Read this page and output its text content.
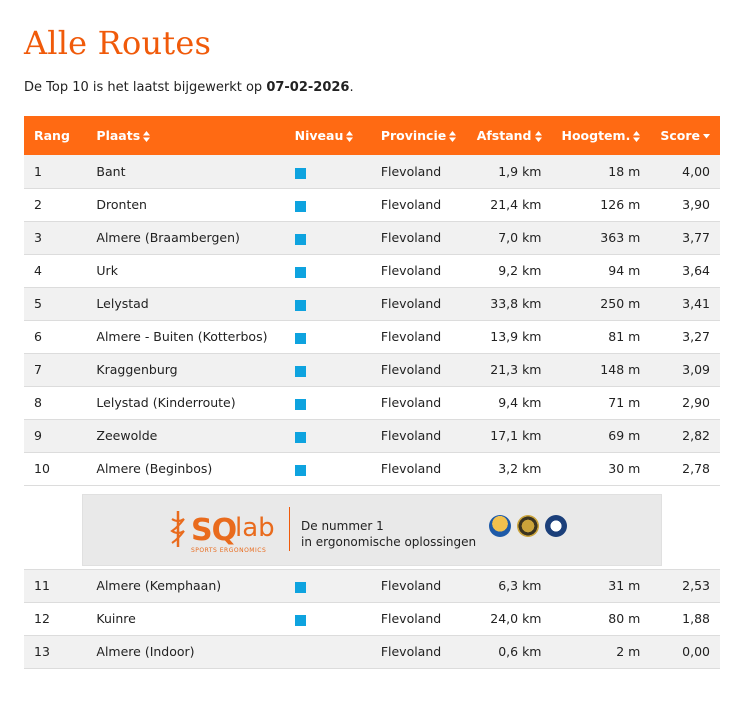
Alle Routes

De Top 10 is het laatst bijgewerkt op 07-02-2026.

Rang	Plaats	Niveau	Provincie	Afstand	Hoogtem.	Score

1	Bant		Flevoland	1,9 km	18 m	4,00
2	Dronten		Flevoland	21,4 km	126 m	3,90
3	Almere (Braambergen)		Flevoland	7,0 km	363 m	3,77
4	Urk		Flevoland	9,2 km	94 m	3,64
5	Lelystad		Flevoland	33,8 km	250 m	3,41
6	Almere - Buiten (Kotterbos)		Flevoland	13,9 km	81 m	3,27
7	Kraggenburg		Flevoland	21,3 km	148 m	3,09
8	Lelystad (Kinderroute)		Flevoland	9,4 km	71 m	2,90
9	Zeewolde		Flevoland	17,1 km	69 m	2,82
10	Almere (Beginbos)		Flevoland	3,2 km	30 m	2,78

SQ
lab
SPORTS ERGONOMICS
De nummer 1
in ergonomische oplossingen						

11	Almere (Kemphaan)		Flevoland	6,3 km	31 m	2,53
12	Kuinre		Flevoland	24,0 km	80 m	1,88
13	Almere (Indoor)		Flevoland	0,6 km	2 m	0,00
